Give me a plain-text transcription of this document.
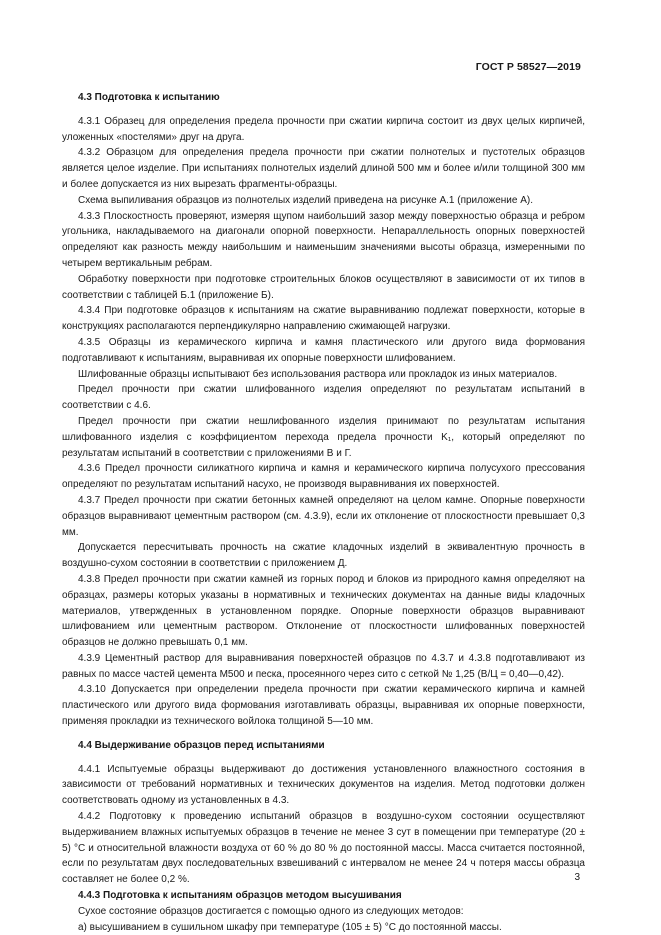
ГОСТ Р 58527—2019
4.3 Подготовка к испытанию

4.3.1 Образец для определения предела прочности при сжатии кирпича состоит из двух целых кирпичей, уложенных «постелями» друг на друга.

4.3.2 Образцом для определения предела прочности при сжатии полнотелых и пустотелых образцов является целое изделие. При испытаниях полнотелых изделий длиной 500 мм и более и/или толщиной 300 мм и более допускается из них вырезать фрагменты-образцы.

Схема выпиливания образцов из полнотелых изделий приведена на рисунке А.1 (приложение А).

4.3.3 Плоскостность проверяют, измеряя щупом наибольший зазор между поверхностью образца и ребром угольника, накладываемого на диагонали опорной поверхности. Непараллельность опорных поверхностей определяют как разность между наибольшим и наименьшим значениями высоты образца, измеренными по четырем вертикальным ребрам.

Обработку поверхности при подготовке строительных блоков осуществляют в зависимости от их типов в соответствии с таблицей Б.1 (приложение Б).

4.3.4 При подготовке образцов к испытаниям на сжатие выравниванию подлежат поверхности, которые в конструкциях располагаются перпендикулярно направлению сжимающей нагрузки.

4.3.5 Образцы из керамического кирпича и камня пластического или другого вида формования подготавливают к испытаниям, выравнивая их опорные поверхности шлифованием.

Шлифованные образцы испытывают без использования раствора или прокладок из иных материалов.

Предел прочности при сжатии шлифованного изделия определяют по результатам испытаний в соответствии с 4.6.

Предел прочности при сжатии нешлифованного изделия принимают по результатам испытания шлифованного изделия с коэффициентом перехода предела прочности K₁, который определяют по результатам испытаний в соответствии с приложениями В и Г.

4.3.6 Предел прочности силикатного кирпича и камня и керамического кирпича полусухого прессования определяют по результатам испытаний насухо, не производя выравнивания их поверхностей.

4.3.7 Предел прочности при сжатии бетонных камней определяют на целом камне. Опорные поверхности образцов выравнивают цементным раствором (см. 4.3.9), если их отклонение от плоскостности превышает 0,3 мм.

Допускается пересчитывать прочность на сжатие кладочных изделий в эквивалентную прочность в воздушно-сухом состоянии в соответствии с приложением Д.

4.3.8 Предел прочности при сжатии камней из горных пород и блоков из природного камня определяют на образцах, размеры которых указаны в нормативных и технических документах на данные виды кладочных материалов, утвержденных в установленном порядке. Опорные поверхности образцов выравнивают шлифованием или цементным раствором. Отклонение от плоскостности шлифованных поверхностей образцов не должно превышать 0,1 мм.

4.3.9 Цементный раствор для выравнивания поверхностей образцов по 4.3.7 и 4.3.8 подготавливают из равных по массе частей цемента М500 и песка, просеянного через сито с сеткой № 1,25 (В/Ц = 0,40—0,42).

4.3.10 Допускается при определении предела прочности при сжатии керамического кирпича и камней пластического или другого вида формования изготавливать образцы, выравнивая их опорные поверхности, применяя прокладки из технического войлока толщиной 5—10 мм.

4.4 Выдерживание образцов перед испытаниями

4.4.1 Испытуемые образцы выдерживают до достижения установленного влажностного состояния в зависимости от требований нормативных и технических документов на изделия. Метод подготовки должен соответствовать одному из установленных в 4.3.

4.4.2 Подготовку к проведению испытаний образцов в воздушно-сухом состоянии осуществляют выдерживанием влажных испытуемых образцов в течение не менее 3 сут в помещении при температуре (20 ± 5) °С и относительной влажности воздуха от 60 % до 80 % до постоянной массы. Масса считается постоянной, если по результатам двух последовательных взвешиваний с интервалом не менее 24 ч потеря массы образца составляет не более 0,2 %.

4.4.3 Подготовка к испытаниям образцов методом высушивания

Сухое состояние образцов достигается с помощью одного из следующих методов:

а) высушиванием в сушильном шкафу при температуре (105 ± 5) °С до постоянной массы.

3
